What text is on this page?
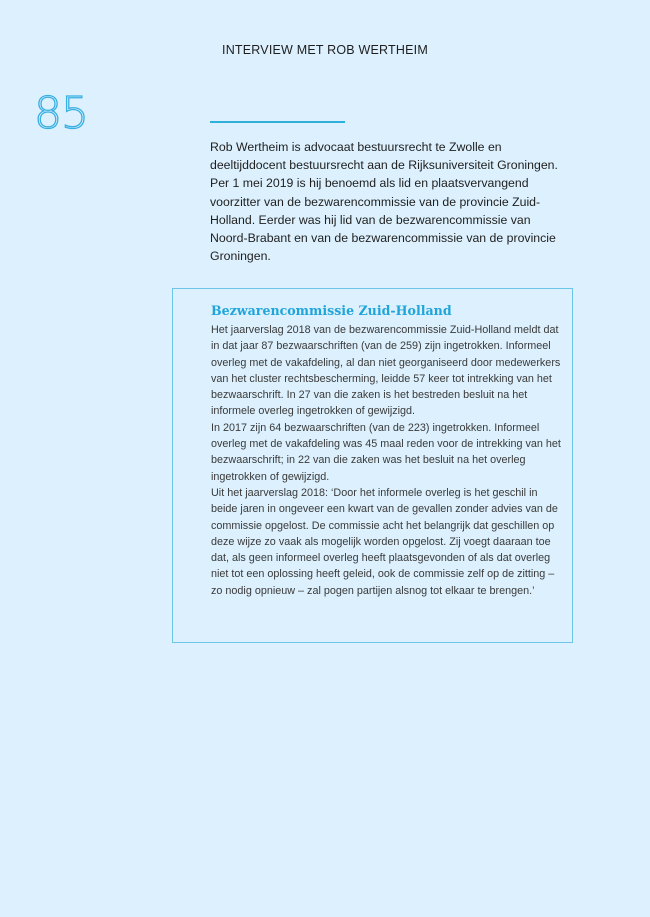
INTERVIEW MET ROB WERTHEIM
85

Rob Wertheim is advocaat bestuursrecht te Zwolle en deeltijddocent bestuursrecht aan de Rijksuniversiteit Groningen. Per 1 mei 2019 is hij benoemd als lid en plaatsvervangend voorzitter van de bezwarencommissie van de provincie Zuid-Holland. Eerder was hij lid van de bezwarencommissie van Noord-Brabant en van de bezwarencommissie van de provincie Groningen.

Bezwarencommissie Zuid-Holland

Het jaarverslag 2018 van de bezwarencommissie Zuid-Holland meldt dat in dat jaar 87 bezwaarschriften (van de 259) zijn ingetrokken. Informeel overleg met de vakafdeling, al dan niet georganiseerd door medewerkers van het cluster rechtsbescherming, leidde 57 keer tot intrekking van het bezwaarschrift. In 27 van die zaken is het bestreden besluit na het informele overleg ingetrokken of gewijzigd.

In 2017 zijn 64 bezwaarschriften (van de 223) ingetrokken. Informeel overleg met de vakafdeling was 45 maal reden voor de intrekking van het bezwaarschrift; in 22 van die zaken was het besluit na het overleg ingetrokken of gewijzigd.

Uit het jaarverslag 2018: ‘Door het informele overleg is het geschil in beide jaren in ongeveer een kwart van de gevallen zonder advies van de commissie opgelost. De commissie acht het belangrijk dat geschillen op deze wijze zo vaak als mogelijk worden opgelost. Zij voegt daaraan toe dat, als geen informeel overleg heeft plaatsgevonden of als dat overleg niet tot een oplossing heeft geleid, ook de commissie zelf op de zitting – zo nodig opnieuw – zal pogen partijen alsnog tot elkaar te brengen.’
